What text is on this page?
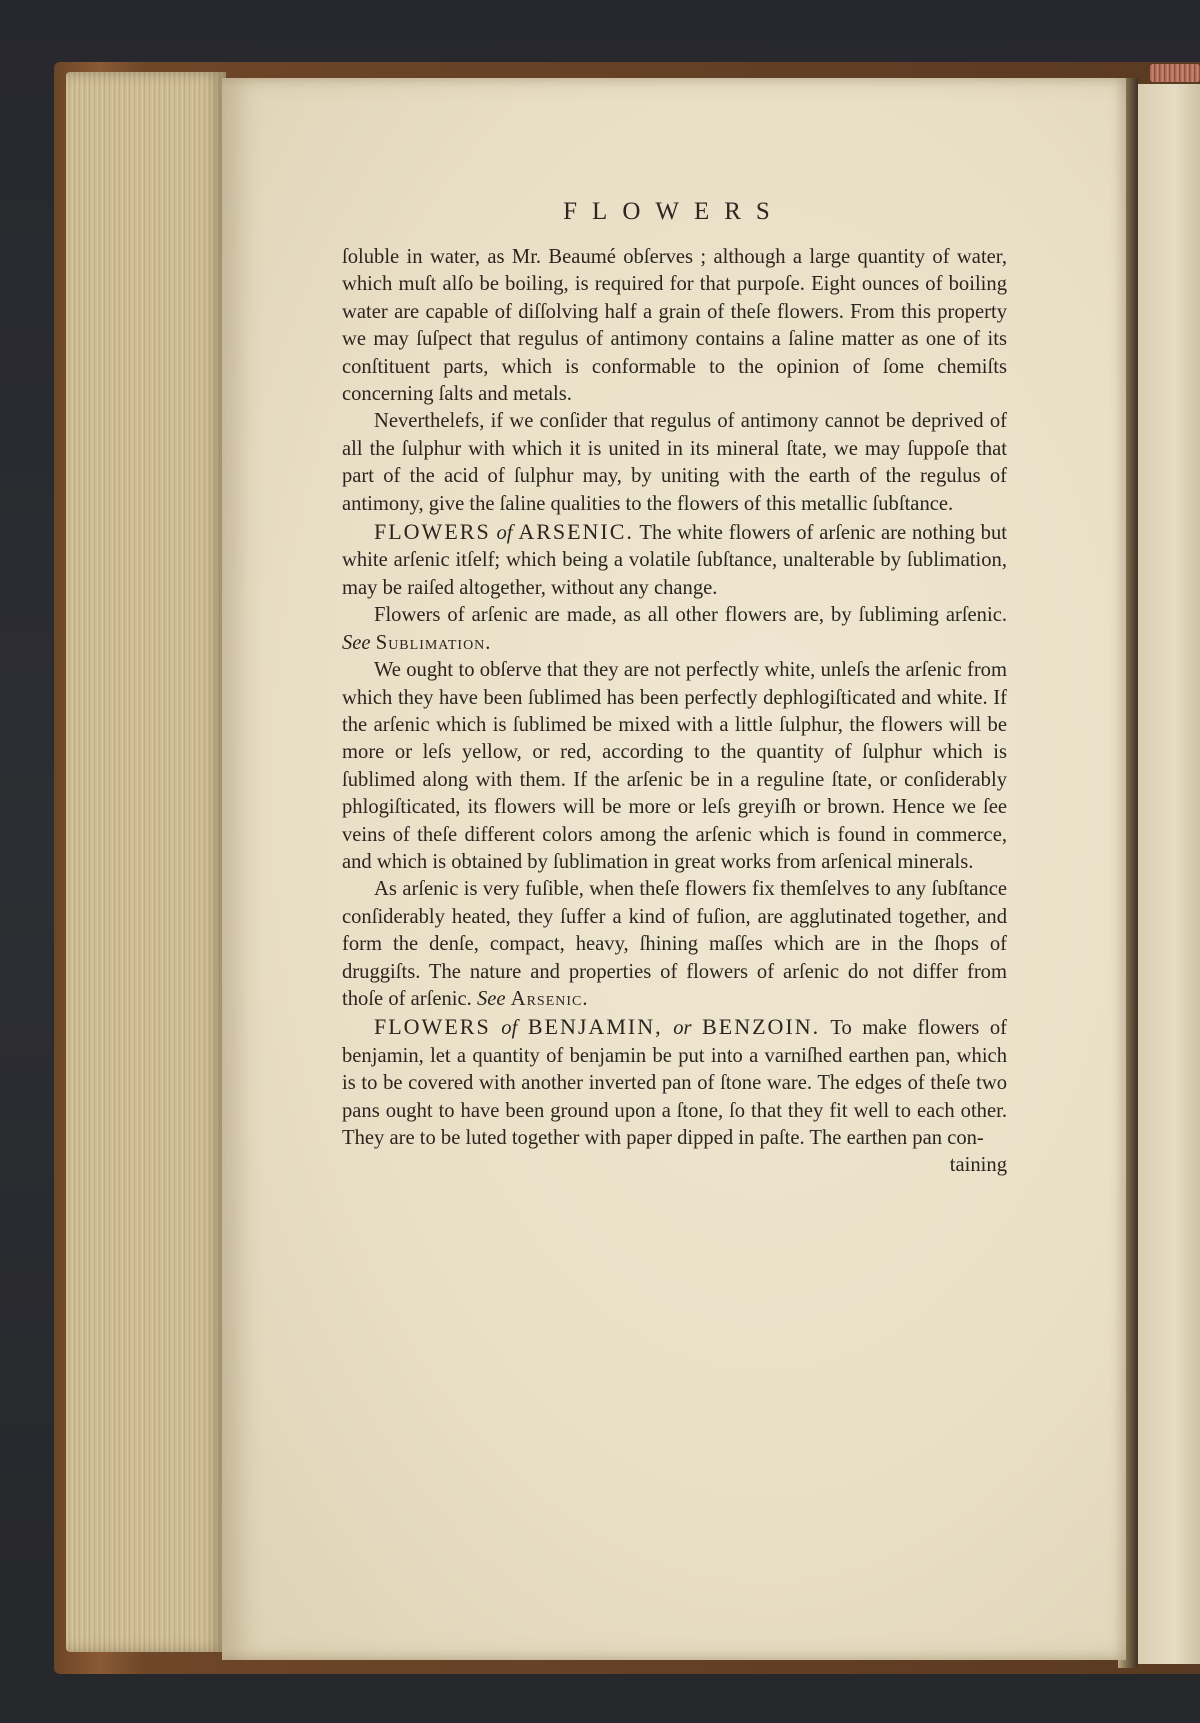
FLOWERS

ſoluble in water, as Mr. Beaumé obſerves ; although a large quantity of water, which muſt alſo be boiling, is required for that purpoſe. Eight ounces of boiling water are capable of diſſolving half a grain of theſe flowers. From this property we may ſuſpect that regulus of antimony contains a ſaline matter as one of its conſtituent parts, which is conformable to the opinion of ſome chemiſts concerning ſalts and metals.

Neverthelefs, if we conſider that regulus of antimony cannot be deprived of all the ſulphur with which it is united in its mineral ſtate, we may ſuppoſe that part of the acid of ſulphur may, by uniting with the earth of the regulus of antimony, give the ſaline qualities to the flowers of this metallic ſubſtance.

FLOWERS of ARSENIC. The white flowers of arſenic are nothing but white arſenic itſelf; which being a volatile ſubſtance, unalterable by ſublimation, may be raiſed altogether, without any change.

Flowers of arſenic are made, as all other flowers are, by ſubliming arſenic. See Sublimation.

We ought to obſerve that they are not perfectly white, unleſs the arſenic from which they have been ſublimed has been perfectly dephlogiſticated and white. If the arſenic which is ſublimed be mixed with a little ſulphur, the flowers will be more or leſs yellow, or red, according to the quantity of ſulphur which is ſublimed along with them. If the arſenic be in a reguline ſtate, or conſiderably phlogiſticated, its flowers will be more or leſs greyiſh or brown. Hence we ſee veins of theſe different colors among the arſenic which is found in commerce, and which is obtained by ſublimation in great works from arſenical minerals.

As arſenic is very fuſible, when theſe flowers fix themſelves to any ſubſtance conſiderably heated, they ſuffer a kind of fuſion, are agglutinated together, and form the denſe, compact, heavy, ſhining maſſes which are in the ſhops of druggiſts. The nature and properties of flowers of arſenic do not differ from thoſe of arſenic. See Arsenic.

FLOWERS of BENJAMIN, or BENZOIN. To make flowers of benjamin, let a quantity of benjamin be put into a varniſhed earthen pan, which is to be covered with another inverted pan of ſtone ware. The edges of theſe two pans ought to have been ground upon a ſtone, ſo that they fit well to each other. They are to be luted together with paper dipped in paſte. The earthen pan con-

taining
